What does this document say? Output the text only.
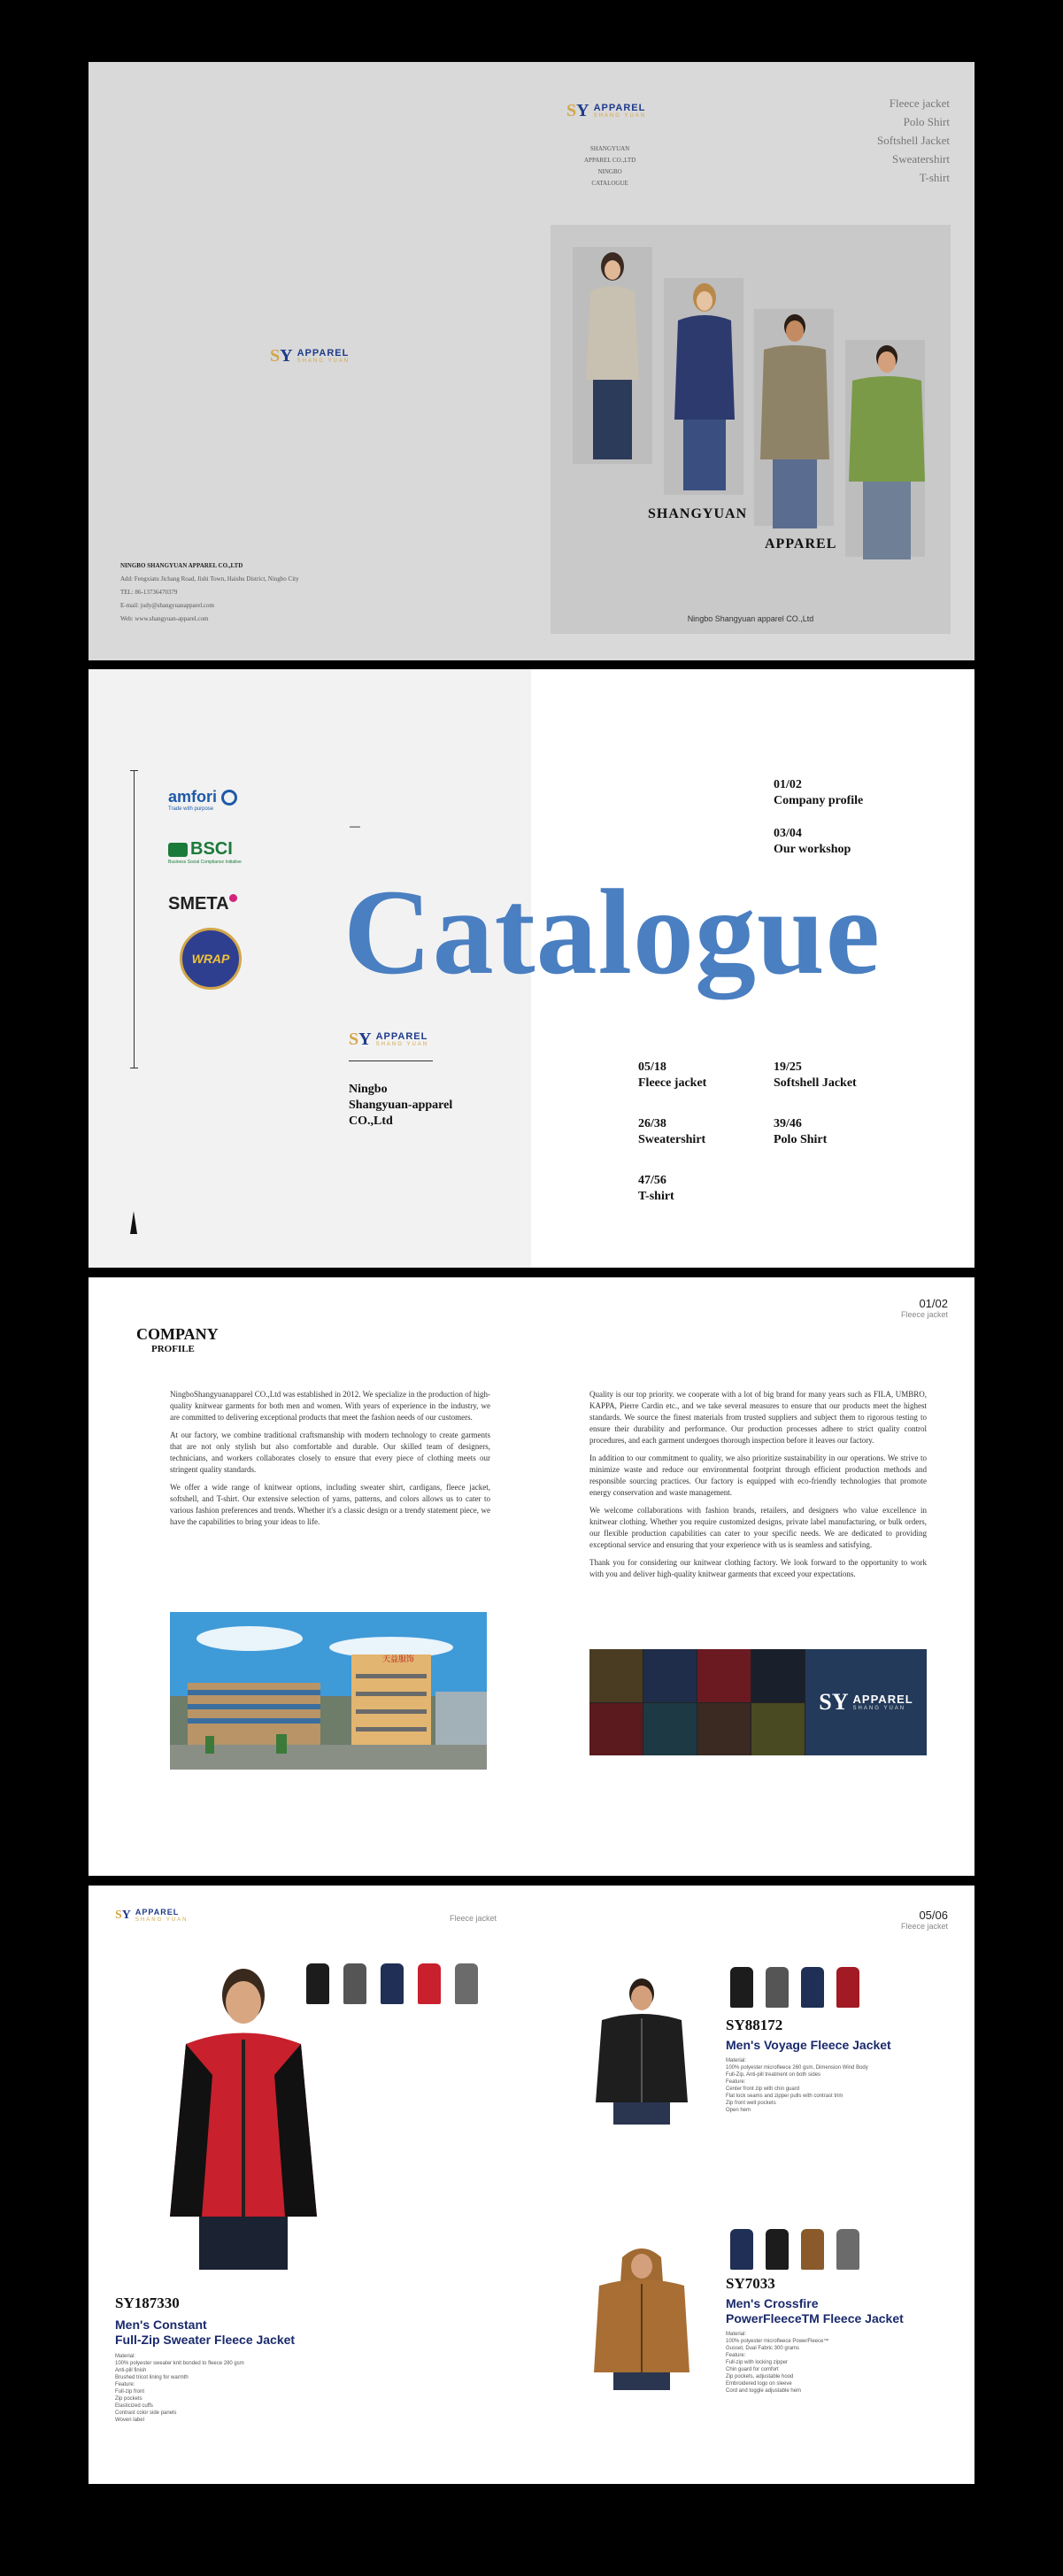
SY APPAREL
SHANG YUAN
SHANGYUAN
APPAREL CO.,LTD
NINGBO
CATALOGUE
Fleece jacket
Polo Shirt
Softshell Jacket
Sweatershirt
T-shirt
SY APPAREL
SHANG YUAN
NINGBO SHANGYUAN APPAREL CO.,LTD
Add: Fengxiatu Jichang Road, Jishi Town, Haishu District, Ningbo City
TEL: 86-13736470379
E-mail: judy@shangyuanapparel.com
Web: www.shangyuan-apparel.com
SHANGYUAN
APPAREL
Ningbo Shangyuan apparel CO.,Ltd
amfori
Trade with purpose
BSCI
Business Social Compliance Initiative
SMETA
WRAP
—
Catalogue
SY APPAREL
SHANG YUAN
Ningbo
Shangyuan-apparel
CO.,Ltd
01/02
Company profile
03/04
Our workshop
05/18
Fleece jacket
26/38
Sweatershirt
47/56
T-shirt
19/25
Softshell Jacket
39/46
Polo Shirt
01/02
Fleece jacket
COMPANY
PROFILE

NingboShangyuanapparel CO.,Ltd was established in 2012. We specialize in the production of high-quality knitwear garments for both men and women. With years of experience in the industry, we are committed to delivering exceptional products that meet the fashion needs of our customers.

At our factory, we combine traditional craftsmanship with modern technology to create garments that are not only stylish but also comfortable and durable. Our skilled team of designers, technicians, and workers collaborates closely to ensure that every piece of clothing meets our stringent quality standards.

We offer a wide range of knitwear options, including sweater shirt, cardigans, fleece jacket, softshell, and T-shirt. Our extensive selection of yarns, patterns, and colors allows us to cater to various fashion preferences and trends. Whether it's a classic design or a trendy statement piece, we have the capabilities to bring your ideas to life.

Quality is our top priority. we cooperate with a lot of big brand for many years such as FILA, UMBRO, KAPPA, Pierre Cardin etc., and we take several measures to ensure that our products meet the highest standards. We source the finest materials from trusted suppliers and subject them to rigorous testing to ensure their durability and performance. Our production processes adhere to strict quality control procedures, and each garment undergoes thorough inspection before it leaves our factory.

In addition to our commitment to quality, we also prioritize sustainability in our operations. We strive to minimize waste and reduce our environmental footprint through efficient production methods and responsible sourcing practices. Our factory is equipped with eco-friendly technologies that promote energy conservation and waste management.

We welcome collaborations with fashion brands, retailers, and designers who value excellence in knitwear clothing. Whether you require customized designs, private label manufacturing, or bulk orders, our flexible production capabilities can cater to your specific needs. We are dedicated to providing exceptional service and ensuring that your experience with us is seamless and satisfying.

Thank you for considering our knitwear clothing factory. We look forward to the opportunity to work with you and deliver high-quality knitwear garments that exceed your expectations.

天益服饰
SY APPAREL
SHANG YUAN
SY APPAREL
SHANG YUAN	Fleece jacket	05/06
Fleece jacket
SY187330
Men's Constant
Full-Zip Sweater Fleece Jacket
Material:
100% polyester sweater knit bonded to fleece 280 gsm
Anti-pill finish
Brushed tricot lining for warmth
Feature:
Full-zip front
Zip pockets
Elasticized cuffs
Contrast color side panels
Woven label
SY88172
Men's Voyage Fleece Jacket
Material:
100% polyester microfleece 260 gsm, Dimension Wind Body
Full-Zip, Anti-pill treatment on both sides
Feature:
Center front zip with chin guard
Flat lock seams and zipper pulls with contrast trim
Zip front welt pockets
Open hem
SY7033
Men's Crossfire
PowerFleeceTM Fleece Jacket
Material:
100% polyester microfleece PowerFleece™
Gusset, Dual Fabric 300 grams
Feature:
Full-zip with locking zipper
Chin guard for comfort
Zip pockets, adjustable hood
Embroidered logo on sleeve
Cord and toggle adjustable hem
